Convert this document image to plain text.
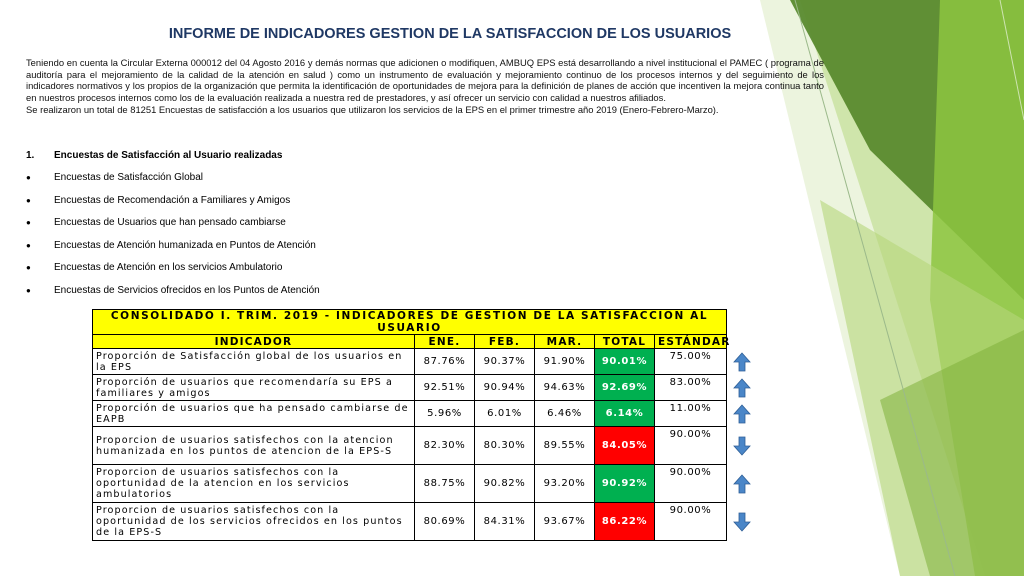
INFORME DE INDICADORES GESTION DE LA SATISFACCION DE LOS USUARIOS

Teniendo en cuenta la Circular Externa 000012 del 04 Agosto 2016 y demás normas que adicionen o modifiquen, AMBUQ EPS está desarrollando a nivel institucional el PAMEC ( programa de auditoría para el mejoramiento de la calidad de la atención en salud ) como un instrumento de evaluación y mejoramiento continuo de los procesos internos y del seguimiento de los indicadores normativos y los propios de la organización que permita la identificación de oportunidades de mejora para la definición de planes de acción que incentiven la mejora continua tanto en nuestros procesos internos como los de la evaluación realizada a nuestra red de prestadores, y así ofrecer un servicio con calidad a nuestros afiliados.

Se realizaron un total de 81251 Encuestas de satisfacción a los usuarios que utilizaron los servicios de la EPS en el primer trimestre año 2019 (Enero-Febrero-Marzo).

1. Encuestas de Satisfacción al Usuario realizadas
● Encuestas de Satisfacción Global
● Encuestas de Recomendación a Familiares y Amigos
● Encuestas de Usuarios que han pensado cambiarse
● Encuestas de Atención humanizada en Puntos de Atención
● Encuestas de Atención en los servicios Ambulatorio
● Encuestas de Servicios ofrecidos en los Puntos de Atención
CONSOLIDADO I. TRIM. 2019 - INDICADORES DE GESTION DE LA SATISFACCION AL USUARIO						
INDICADOR	ENE.	FEB.	MAR.	TOTAL	ESTÁNDAR	
Proporción de Satisfacción global de los usuarios en la EPS	87.76%	90.37%	91.90%	90.01%	75.00%	

Proporción de usuarios que recomendaría su EPS a familiares y amigos	92.51%	90.94%	94.63%	92.69%	83.00%	

Proporción de usuarios que ha pensado cambiarse de EAPB	5.96%	6.01%	6.46%	6.14%	11.00%	

Proporcion de usuarios satisfechos con la atencion humanizada en los puntos de atencion de la EPS-S	82.30%	80.30%	89.55%	84.05%	90.00%	

Proporcion de usuarios satisfechos con la oportunidad de la atencion en los servicios ambulatorios	88.75%	90.82%	93.20%	90.92%	90.00%	

Proporcion de usuarios satisfechos con la oportunidad de los servicios ofrecidos en los puntos de la EPS-S	80.69%	84.31%	93.67%	86.22%	90.00%	
